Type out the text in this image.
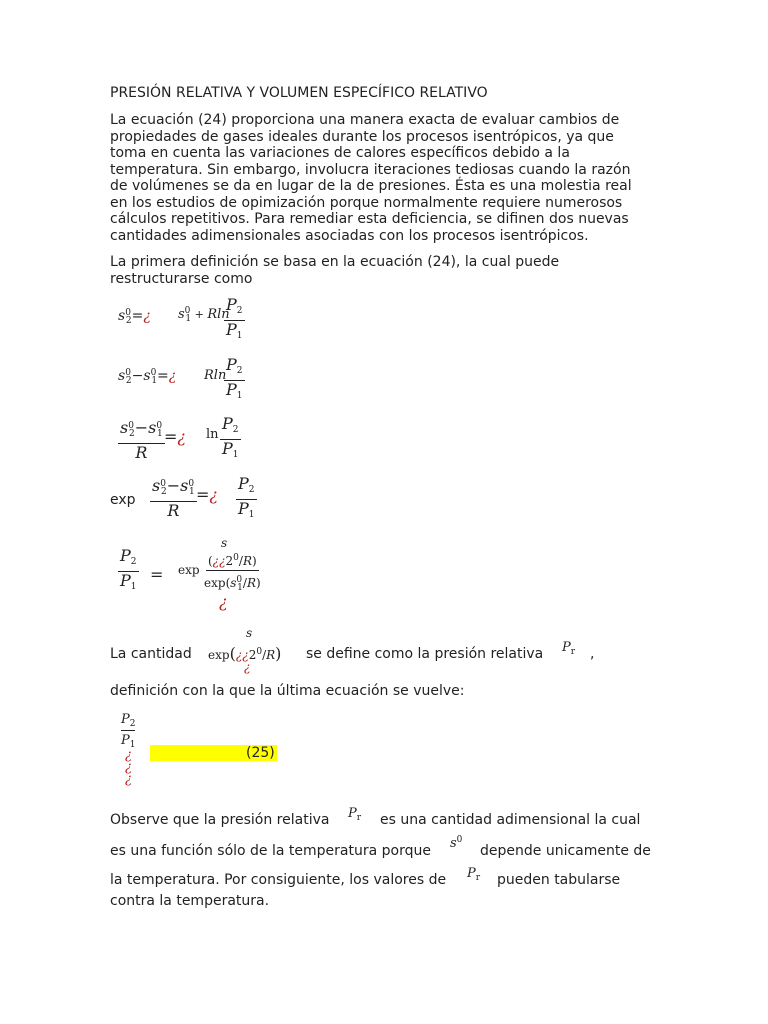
PRESIÓN RELATIVA Y VOLUMEN ESPECÍFICO RELATIVO

La ecuación (24) proporciona una manera exacta de evaluar cambios de

propiedades de gases ideales durante los procesos isentrópicos, ya que

toma en cuenta las variaciones de calores específicos debido a la

temperatura. Sin embargo, involucra iteraciones tediosas cuando la razón

de volúmenes se da en lugar de la de presiones. Ésta es una molestia real

en los estudios de opimización porque normalmente requiere numerosos

cálculos repetitivos. Para remediar esta deficiencia, se difinen dos nuevas

cantidades adimensionales asociadas con los procesos isentrópicos.

La primera definición se basa en la ecuación (24), la cual puede

restructurarse como

$s^0_2=¿$ $s^0_1 + Rln$
$\frac{P_2}{P_1}$
$s^0_2-s^0_1=¿$ Rln
$\frac{P_2}{P_1}$
$\frac{s^0_2-s^0_1}{R}$ =¿ $\ln \frac{P_2}{P_1}$
$\exp \frac{s^0_2-s^0_1}{R}$ =¿ $\frac{P_2}{P_1}$
s
$\frac{P_2}{P_1} = \exp \frac{(¿¿2^0/R)}{\exp(s^0_1/R)}$
¿
La cantidad
s
$\exp(¿¿2^0/R)$
¿
se define como la presión relativa $P_r$ ,

definición con la que la última ecuación se vuelve:

$P_2$
$P_1$
¿
¿
¿
(25)
Observe que la presión relativa $P_r$ es una cantidad adimensional la cual
es una función sólo de la temperatura porque $s^0$
depende unicamente de
la temperatura. Por consiguiente, los valores de $P_r$ pueden tabularse

contra la temperatura.
